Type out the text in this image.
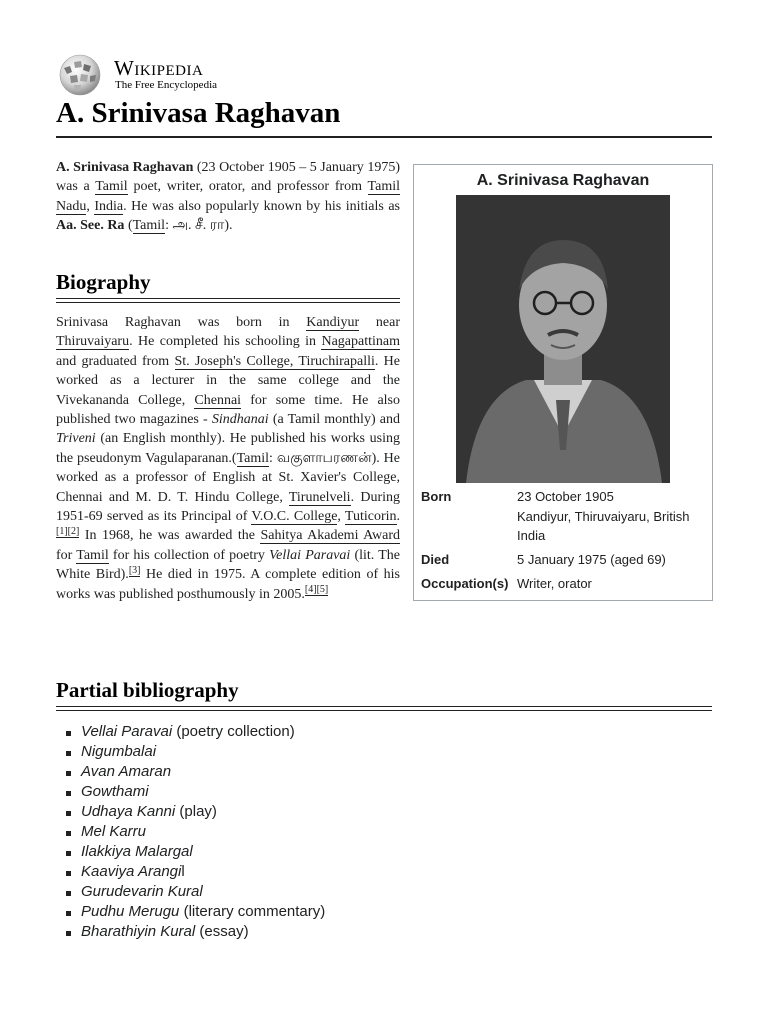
Wikipedia
The Free Encyclopedia
A. Srinivasa Raghavan

A. Srinivasa Raghavan (23 October 1905 – 5 January 1975) was a Tamil poet, writer, orator, and professor from Tamil Nadu, India. He was also popularly known by his initials as Aa. See. Ra (Tamil: அ. சீ. ரா).

Biography

Srinivasa Raghavan was born in Kandiyur near Thiruvaiyaru. He completed his schooling in Nagapattinam and graduated from St. Joseph's College, Tiruchirapalli. He worked as a lecturer in the same college and the Vivekananda College, Chennai for some time. He also published two magazines - Sindhanai (a Tamil monthly) and Triveni (an English monthly). He published his works using the pseudonym Vagulaparanan.(Tamil: வகுளாபரணன்). He worked as a professor of English at St. Xavier's College, Chennai and M. D. T. Hindu College, Tirunelveli. During 1951-69 served as its Principal of V.O.C. College, Tuticorin.[1][2] In 1968, he was awarded the Sahitya Akademi Award for Tamil for his collection of poetry Vellai Paravai (lit. The White Bird).[3] He died in 1975. A complete edition of his works was published posthumously in 2005.[4][5]

A. Srinivasa Raghavan
Born	23 October 1905
Kandiyur, Thiruvaiyaru, British India
Died	5 January 1975 (aged 69)
Occupation(s) Writer, orator
Partial bibliography
Vellai Paravai (poetry collection)
Nigumbalai
Avan Amaran
Gowthami
Udhaya Kanni (play)
Mel Karru
Ilakkiya Malargal
Kaaviya Arangil
Gurudevarin Kural
Pudhu Merugu (literary commentary)
Bharathiyin Kural (essay)
